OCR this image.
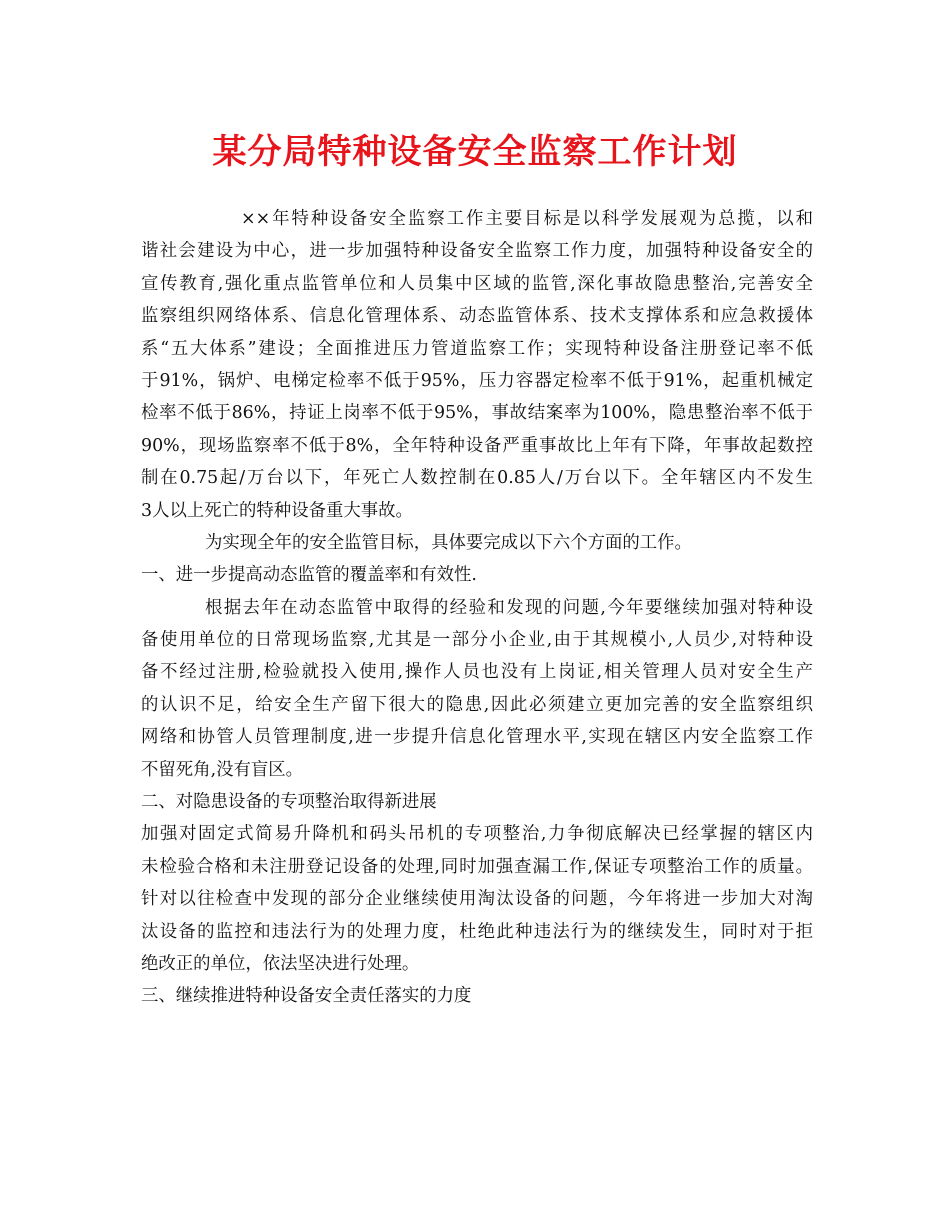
某分局特种设备安全监察工作计划
××年特种设备安全监察工作主要目标是以科学发展观为总揽，以和
谐社会建设为中心，进一步加强特种设备安全监察工作力度，加强特种设备安全的
宣传教育,强化重点监管单位和人员集中区域的监管,深化事故隐患整治,完善安全
监察组织网络体系、信息化管理体系、动态监管体系、技术支撑体系和应急救援体
系“五大体系”建设；全面推进压力管道监察工作；实现特种设备注册登记率不低
于91%，锅炉、电梯定检率不低于95%，压力容器定检率不低于91%，起重机械定
检率不低于86%，持证上岗率不低于95%，事故结案率为100%，隐患整治率不低于
90%，现场监察率不低于8%，全年特种设备严重事故比上年有下降，年事故起数控
制在0.75起/万台以下，年死亡人数控制在0.85人/万台以下。全年辖区内不发生
3人以上死亡的特种设备重大事故。
为实现全年的安全监管目标，具体要完成以下六个方面的工作。
一、进一步提高动态监管的覆盖率和有效性.
根据去年在动态监管中取得的经验和发现的问题,今年要继续加强对特种设
备使用单位的日常现场监察,尤其是一部分小企业,由于其规模小,人员少,对特种设
备不经过注册,检验就投入使用,操作人员也没有上岗证,相关管理人员对安全生产
的认识不足，给安全生产留下很大的隐患,因此必须建立更加完善的安全监察组织
网络和协管人员管理制度,进一步提升信息化管理水平,实现在辖区内安全监察工作
不留死角,没有盲区。
二、对隐患设备的专项整治取得新进展
加强对固定式简易升降机和码头吊机的专项整治,力争彻底解决已经掌握的辖区内
未检验合格和未注册登记设备的处理,同时加强查漏工作,保证专项整治工作的质量。
针对以往检查中发现的部分企业继续使用淘汰设备的问题，今年将进一步加大对淘
汰设备的监控和违法行为的处理力度，杜绝此种违法行为的继续发生，同时对于拒
绝改正的单位，依法坚决进行处理。
三、继续推进特种设备安全责任落实的力度
